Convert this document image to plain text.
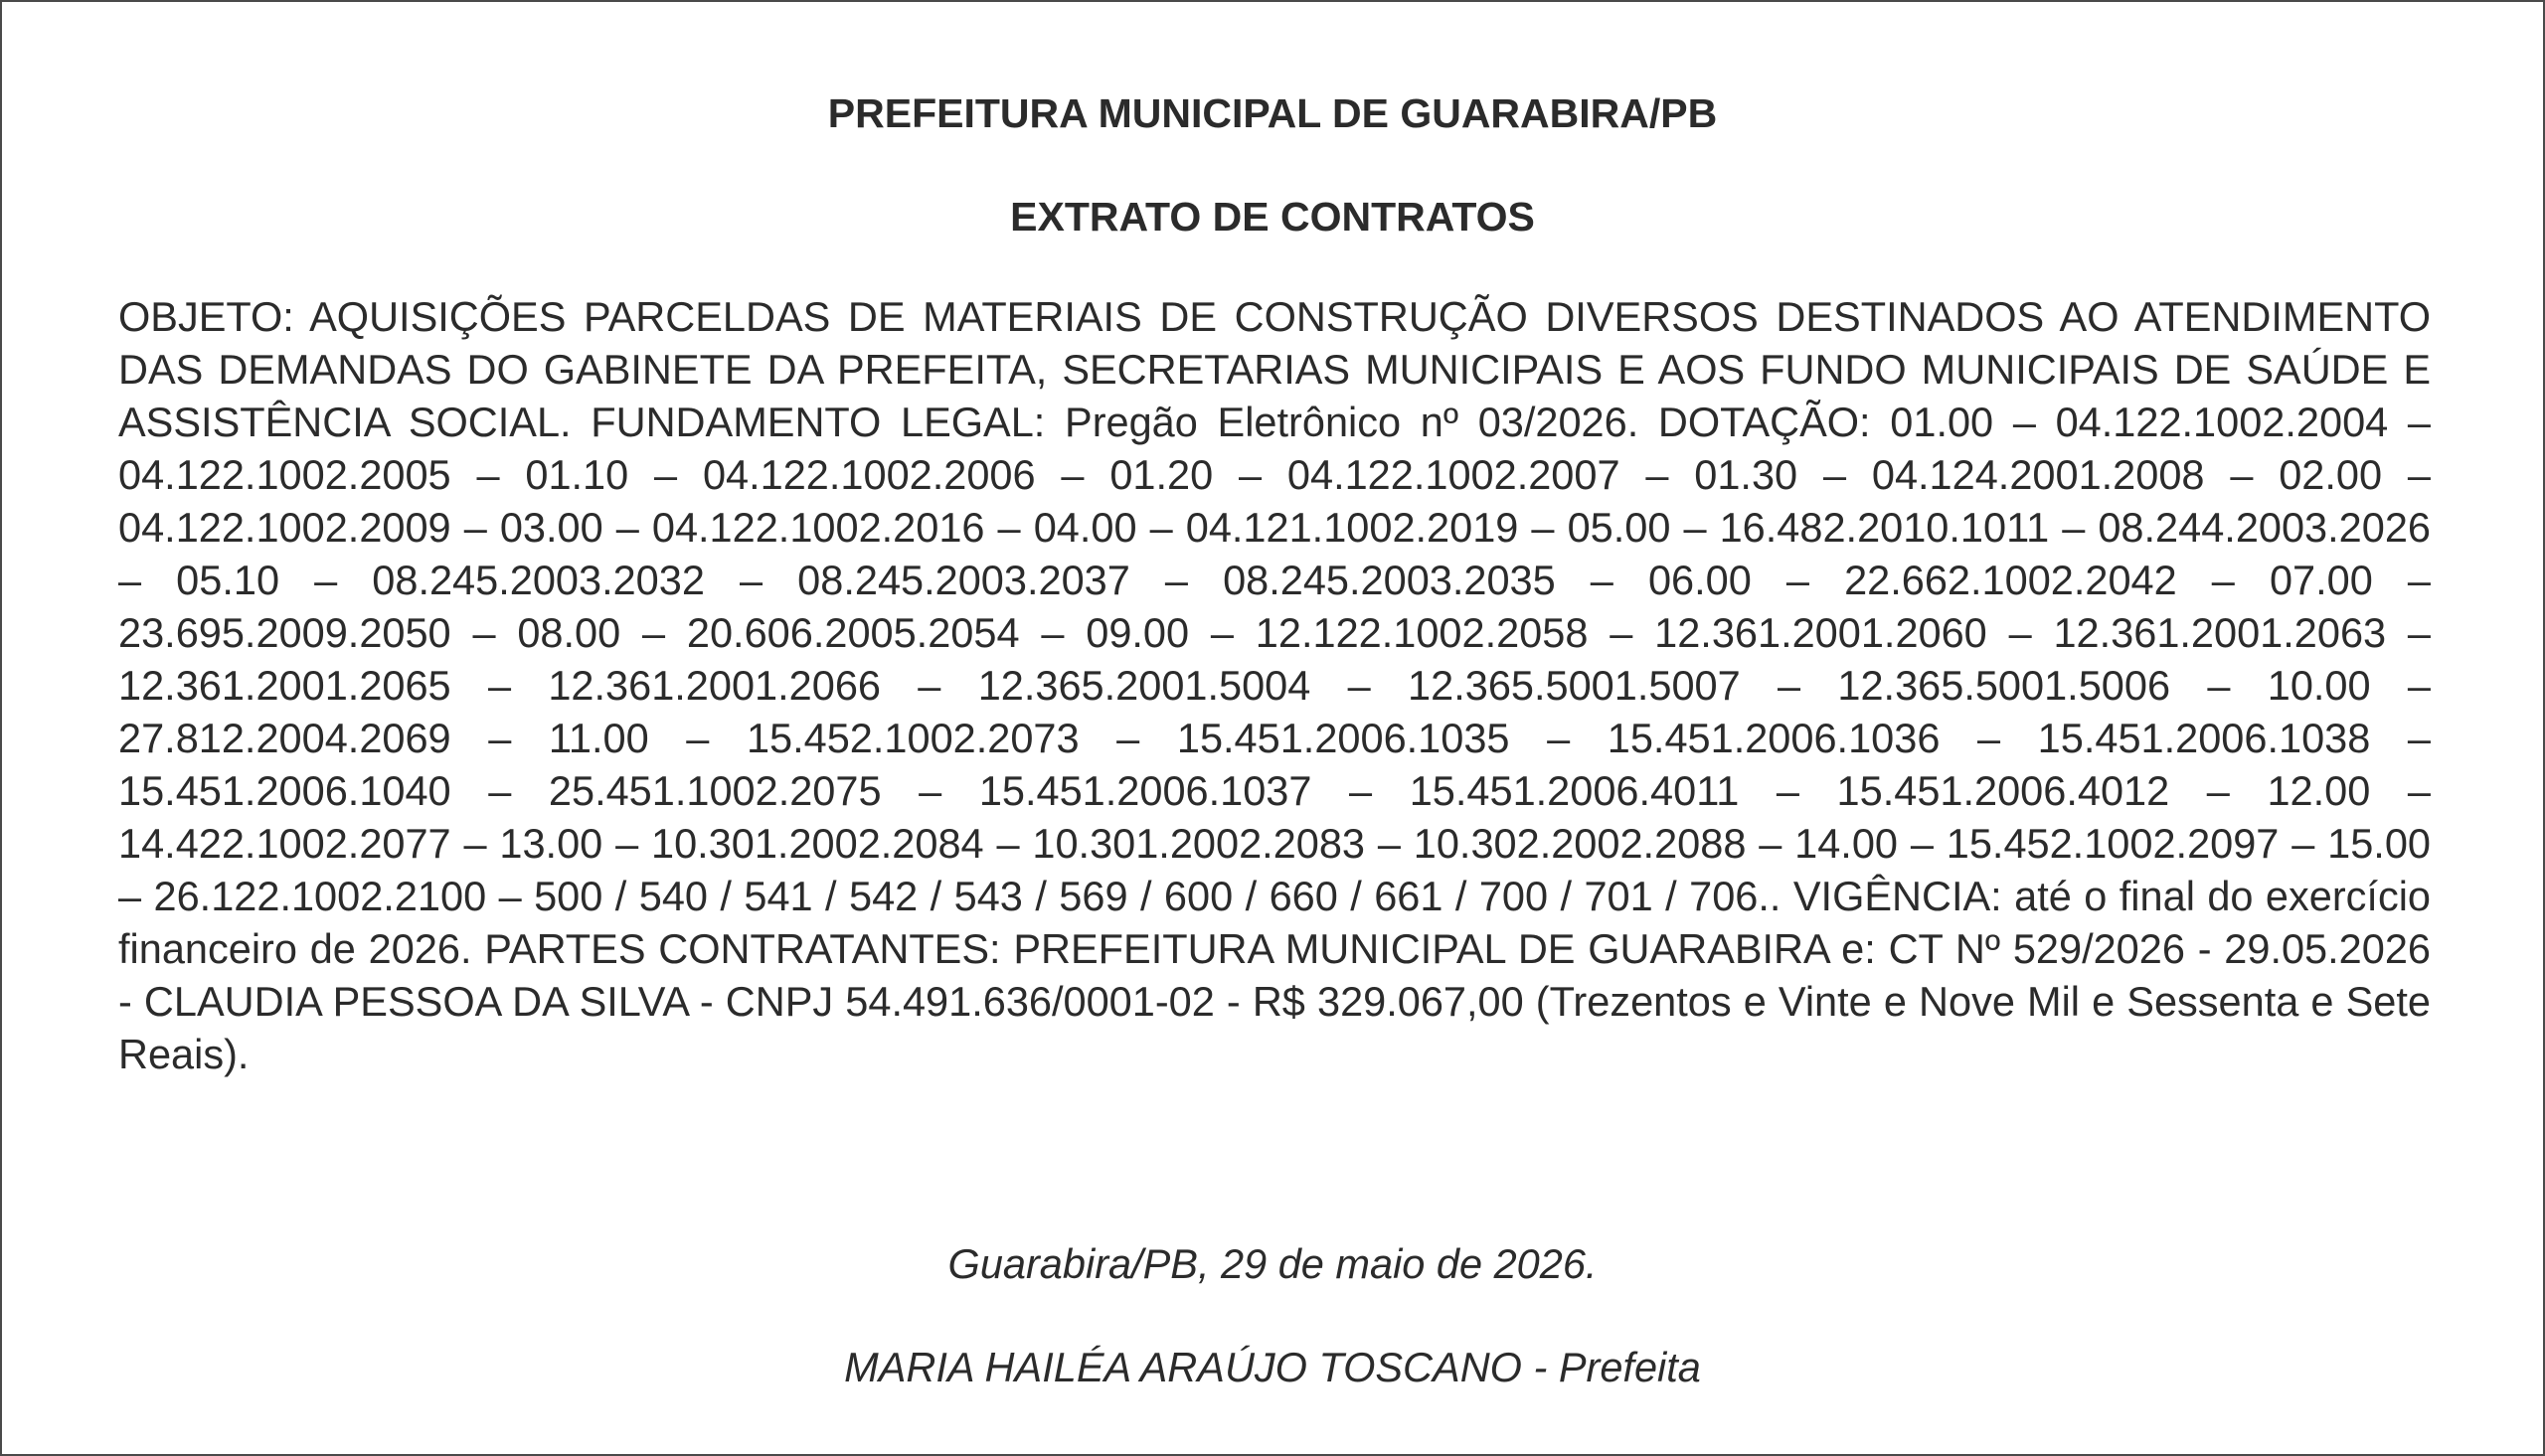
PREFEITURA MUNICIPAL DE GUARABIRA/PB
EXTRATO DE CONTRATOS
OBJETO: AQUISIÇÕES PARCELDAS DE MATERIAIS DE CONSTRUÇÃO DIVERSOS DESTINADOS AO ATENDIMENTO DAS DEMANDAS DO GABINETE DA PREFEITA, SECRETARIAS MUNICIPAIS E AOS FUNDO MUNICIPAIS DE SAÚDE E ASSISTÊNCIA SOCIAL. FUNDAMENTO LEGAL: Pregão Eletrônico nº 03/2026. DOTAÇÃO: 01.00 – 04.122.1002.2004 – 04.122.1002.2005 – 01.10 – 04.122.1002.2006 – 01.20 – 04.122.1002.2007 – 01.30 – 04.124.2001.2008 – 02.00 – 04.122.1002.2009 – 03.00 – 04.122.1002.2016 – 04.00 – 04.121.1002.2019 – 05.00 – 16.482.2010.1011 – 08.244.2003.2026 – 05.10 – 08.245.2003.2032 – 08.245.2003.2037 – 08.245.2003.2035 – 06.00 – 22.662.1002.2042 – 07.00 – 23.695.2009.2050 – 08.00 – 20.606.2005.2054 – 09.00 – 12.122.1002.2058 – 12.361.2001.2060 – 12.361.2001.2063 – 12.361.2001.2065 – 12.361.2001.2066 – 12.365.2001.5004 – 12.365.5001.5007 – 12.365.5001.5006 – 10.00 – 27.812.2004.2069 – 11.00 – 15.452.1002.2073 – 15.451.2006.1035 – 15.451.2006.1036 – 15.451.2006.1038 – 15.451.2006.1040 – 25.451.1002.2075 – 15.451.2006.1037 – 15.451.2006.4011 – 15.451.2006.4012 – 12.00 – 14.422.1002.2077 – 13.00 – 10.301.2002.2084 – 10.301.2002.2083 – 10.302.2002.2088 – 14.00 – 15.452.1002.2097 – 15.00 – 26.122.1002.2100 – 500 / 540 / 541 / 542 / 543 / 569 / 600 / 660 / 661 / 700 / 701 / 706.. VIGÊNCIA: até o final do exercício financeiro de 2026. PARTES CONTRATANTES: PREFEITURA MUNICIPAL DE GUARABIRA e: CT Nº 529/2026 - 29.05.2026 - CLAUDIA PESSOA DA SILVA - CNPJ 54.491.636/0001-02 - R$ 329.067,00 (Trezentos e Vinte e Nove Mil e Sessenta e Sete Reais).
Guarabira/PB, 29 de maio de 2026.
MARIA HAILÉA ARAÚJO TOSCANO - Prefeita
